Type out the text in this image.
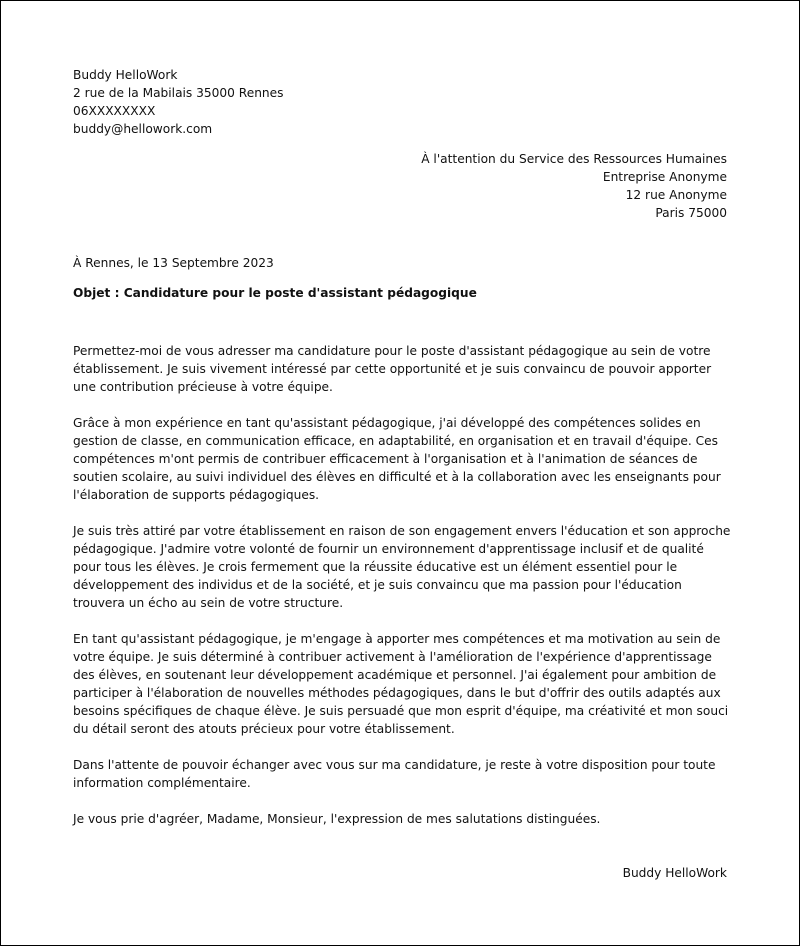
Buddy HelloWork
2 rue de la Mabilais 35000 Rennes
06XXXXXXXX
buddy@hellowork.com
À l'attention du Service des Ressources Humaines
Entreprise Anonyme
12 rue Anonyme
Paris 75000
À Rennes, le 13 Septembre 2023
Objet : Candidature pour le poste d'assistant pédagogique

Permettez-moi de vous adresser ma candidature pour le poste d'assistant pédagogique au sein de votre établissement. Je suis vivement intéressé par cette opportunité et je suis convaincu de pouvoir apporter une contribution précieuse à votre équipe.

Grâce à mon expérience en tant qu'assistant pédagogique, j'ai développé des compétences solides en gestion de classe, en communication efficace, en adaptabilité, en organisation et en travail d'équipe. Ces compétences m'ont permis de contribuer efficacement à l'organisation et à l'animation de séances de soutien scolaire, au suivi individuel des élèves en difficulté et à la collaboration avec les enseignants pour l'élaboration de supports pédagogiques.

Je suis très attiré par votre établissement en raison de son engagement envers l'éducation et son approche pédagogique. J'admire votre volonté de fournir un environnement d'apprentissage inclusif et de qualité pour tous les élèves. Je crois fermement que la réussite éducative est un élément essentiel pour le développement des individus et de la société, et je suis convaincu que ma passion pour l'éducation trouvera un écho au sein de votre structure.

En tant qu'assistant pédagogique, je m'engage à apporter mes compétences et ma motivation au sein de votre équipe. Je suis déterminé à contribuer activement à l'amélioration de l'expérience d'apprentissage des élèves, en soutenant leur développement académique et personnel. J'ai également pour ambition de participer à l'élaboration de nouvelles méthodes pédagogiques, dans le but d'offrir des outils adaptés aux besoins spécifiques de chaque élève. Je suis persuadé que mon esprit d'équipe, ma créativité et mon souci du détail seront des atouts précieux pour votre établissement.

Dans l'attente de pouvoir échanger avec vous sur ma candidature, je reste à votre disposition pour toute information complémentaire.

Je vous prie d'agréer, Madame, Monsieur, l'expression de mes salutations distinguées.

Buddy HelloWork
